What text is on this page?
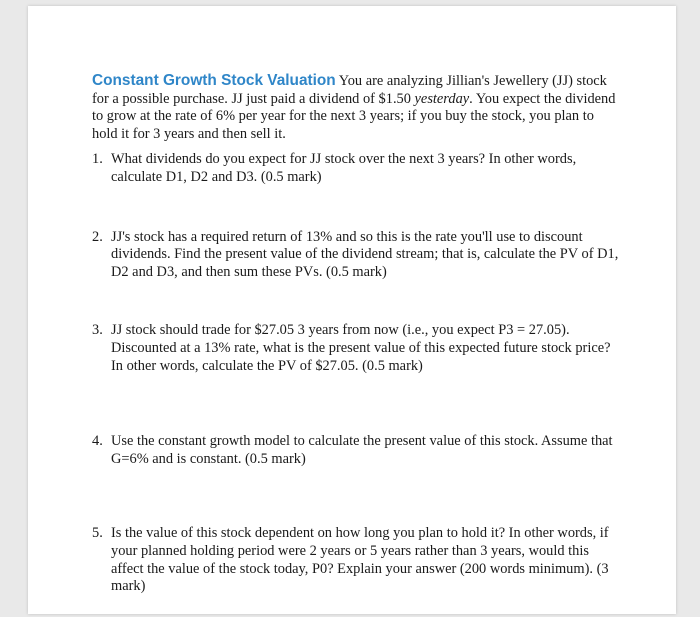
Constant Growth Stock Valuation You are analyzing Jillian's Jewellery (JJ) stock for a possible purchase. JJ just paid a dividend of $1.50 yesterday. You expect the dividend to grow at the rate of 6% per year for the next 3 years; if you buy the stock, you plan to hold it for 3 years and then sell it.

1. What dividends do you expect for JJ stock over the next 3 years? In other words, calculate D1, D2 and D3. (0.5 mark)
2. JJ's stock has a required return of 13% and so this is the rate you'll use to discount dividends. Find the present value of the dividend stream; that is, calculate the PV of D1, D2 and D3, and then sum these PVs. (0.5 mark)
3. JJ stock should trade for $27.05 3 years from now (i.e., you expect P3 = 27.05). Discounted at a 13% rate, what is the present value of this expected future stock price? In other words, calculate the PV of $27.05. (0.5 mark)
4. Use the constant growth model to calculate the present value of this stock. Assume that G=6% and is constant. (0.5 mark)
5. Is the value of this stock dependent on how long you plan to hold it? In other words, if your planned holding period were 2 years or 5 years rather than 3 years, would this affect the value of the stock today, P0? Explain your answer (200 words minimum). (3 mark)
